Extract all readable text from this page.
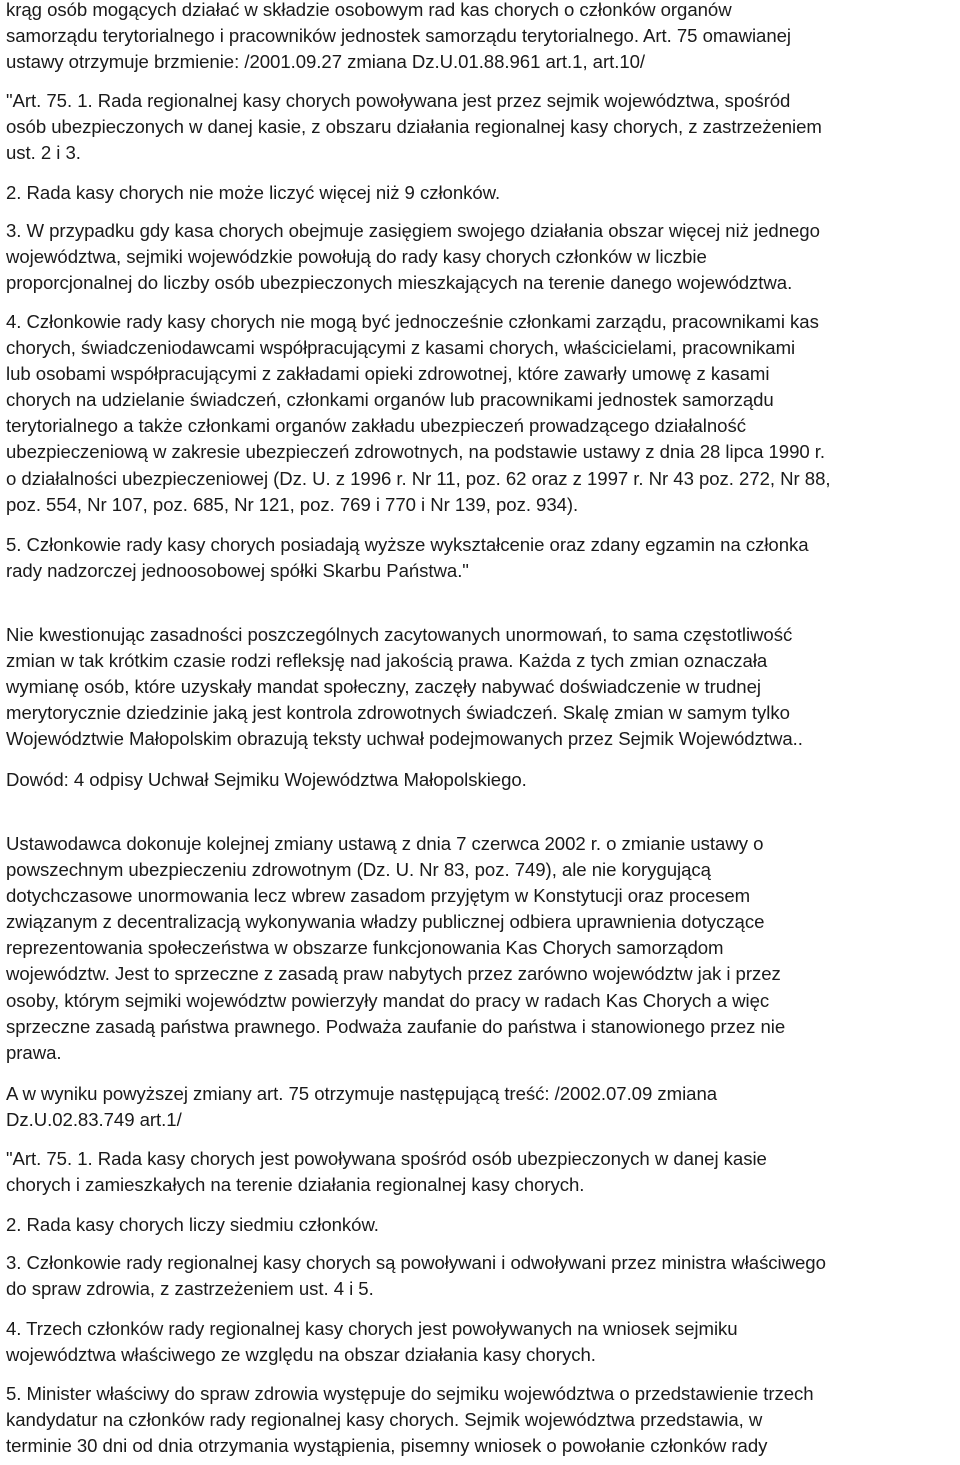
krąg osób mogących działać w składzie osobowym rad kas chorych o członków organów
samorządu terytorialnego i pracowników jednostek samorządu terytorialnego. Art. 75 omawianej
ustawy otrzymuje brzmienie: /2001.09.27 zmiana Dz.U.01.88.961 art.1, art.10/
"Art. 75. 1. Rada regionalnej kasy chorych powoływana jest przez sejmik województwa, spośród
osób ubezpieczonych w danej kasie, z obszaru działania regionalnej kasy chorych, z zastrzeżeniem
ust. 2 i 3.
2. Rada kasy chorych nie może liczyć więcej niż 9 członków.
3. W przypadku gdy kasa chorych obejmuje zasięgiem swojego działania obszar więcej niż jednego
województwa, sejmiki wojewódzkie powołują do rady kasy chorych członków w liczbie
proporcjonalnej do liczby osób ubezpieczonych mieszkających na terenie danego województwa.
4. Członkowie rady kasy chorych nie mogą być jednocześnie członkami zarządu, pracownikami kas
chorych, świadczeniodawcami współpracującymi z kasami chorych, właścicielami, pracownikami
lub osobami współpracującymi z zakładami opieki zdrowotnej, które zawarły umowę z kasami
chorych na udzielanie świadczeń, członkami organów lub pracownikami jednostek samorządu
terytorialnego a także członkami organów zakładu ubezpieczeń prowadzącego działalność
ubezpieczeniową w zakresie ubezpieczeń zdrowotnych, na podstawie ustawy z dnia 28 lipca 1990 r.
o działalności ubezpieczeniowej (Dz. U. z 1996 r. Nr 11, poz. 62 oraz z 1997 r. Nr 43 poz. 272, Nr 88,
poz. 554, Nr 107, poz. 685, Nr 121, poz. 769 i 770 i Nr 139, poz. 934).
5. Członkowie rady kasy chorych posiadają wyższe wykształcenie oraz zdany egzamin na członka
rady nadzorczej jednoosobowej spółki Skarbu Państwa."
Nie kwestionując zasadności poszczególnych zacytowanych unormowań, to sama częstotliwość
zmian w tak krótkim czasie rodzi refleksję nad jakością prawa. Każda z tych zmian oznaczała
wymianę osób, które uzyskały mandat społeczny, zaczęły nabywać doświadczenie w trudnej
merytorycznie dziedzinie jaką jest kontrola zdrowotnych świadczeń. Skalę zmian w samym tylko
Województwie Małopolskim obrazują teksty uchwał podejmowanych przez Sejmik Województwa..
Dowód: 4 odpisy Uchwał Sejmiku Województwa Małopolskiego.
Ustawodawca dokonuje kolejnej zmiany ustawą z dnia 7 czerwca 2002 r. o zmianie ustawy o
powszechnym ubezpieczeniu zdrowotnym (Dz. U. Nr 83, poz. 749), ale nie korygującą
dotychczasowe unormowania lecz wbrew zasadom przyjętym w Konstytucji oraz procesem
związanym z decentralizacją wykonywania władzy publicznej odbiera uprawnienia dotyczące
reprezentowania społeczeństwa w obszarze funkcjonowania Kas Chorych samorządom
województw. Jest to sprzeczne z zasadą praw nabytych przez zarówno województw jak i przez
osoby, którym sejmiki województw powierzyły mandat do pracy w radach Kas Chorych a więc
sprzeczne zasadą państwa prawnego. Podważa zaufanie do państwa i stanowionego przez nie
prawa.
A w wyniku powyższej zmiany art. 75 otrzymuje następującą treść: /2002.07.09 zmiana
Dz.U.02.83.749 art.1/
"Art. 75. 1. Rada kasy chorych jest powoływana spośród osób ubezpieczonych w danej kasie
chorych i zamieszkałych na terenie działania regionalnej kasy chorych.
2. Rada kasy chorych liczy siedmiu członków.
3. Członkowie rady regionalnej kasy chorych są powoływani i odwoływani przez ministra właściwego
do spraw zdrowia, z zastrzeżeniem ust. 4 i 5.
4. Trzech członków rady regionalnej kasy chorych jest powoływanych na wniosek sejmiku
województwa właściwego ze względu na obszar działania kasy chorych.
5. Minister właściwy do spraw zdrowia występuje do sejmiku województwa o przedstawienie trzech
kandydatur na członków rady regionalnej kasy chorych. Sejmik województwa przedstawia, w
terminie 30 dni od dnia otrzymania wystąpienia, pisemny wniosek o powołanie członków rady
